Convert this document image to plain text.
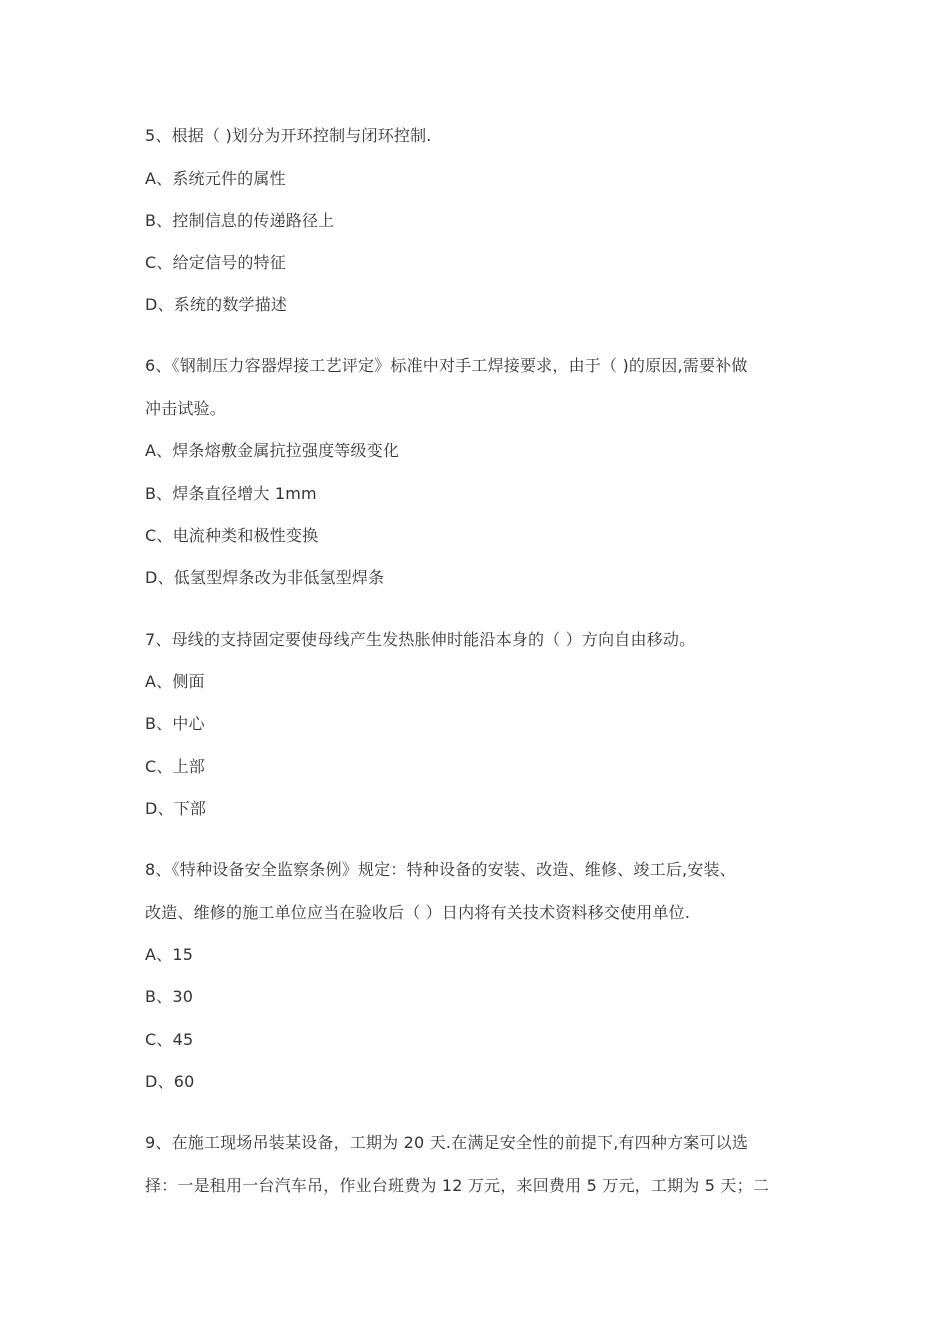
5、根据（ )划分为开环控制与闭环控制.
A、系统元件的属性
B、控制信息的传递路径上
C、给定信号的特征
D、系统的数学描述
6、《钢制压力容器焊接工艺评定》标准中对手工焊接要求，由于（ )的原因,需要补做
冲击试验。
A、焊条熔敷金属抗拉强度等级变化
B、焊条直径增大 1mm
C、电流种类和极性变换
D、低氢型焊条改为非低氢型焊条
7、母线的支持固定要使母线产生发热胀伸时能沿本身的（ ）方向自由移动。
A、侧面
B、中心
C、上部
D、下部
8、《特种设备安全监察条例》规定：特种设备的安装、改造、维修、竣工后,安装、
改造、维修的施工单位应当在验收后（ ）日内将有关技术资料移交使用单位.
A、15
B、30
C、45
D、60
9、在施工现场吊装某设备，工期为 20 天.在满足安全性的前提下,有四种方案可以选
择：一是租用一台汽车吊，作业台班费为 12 万元，来回费用 5 万元，工期为 5 天；二
